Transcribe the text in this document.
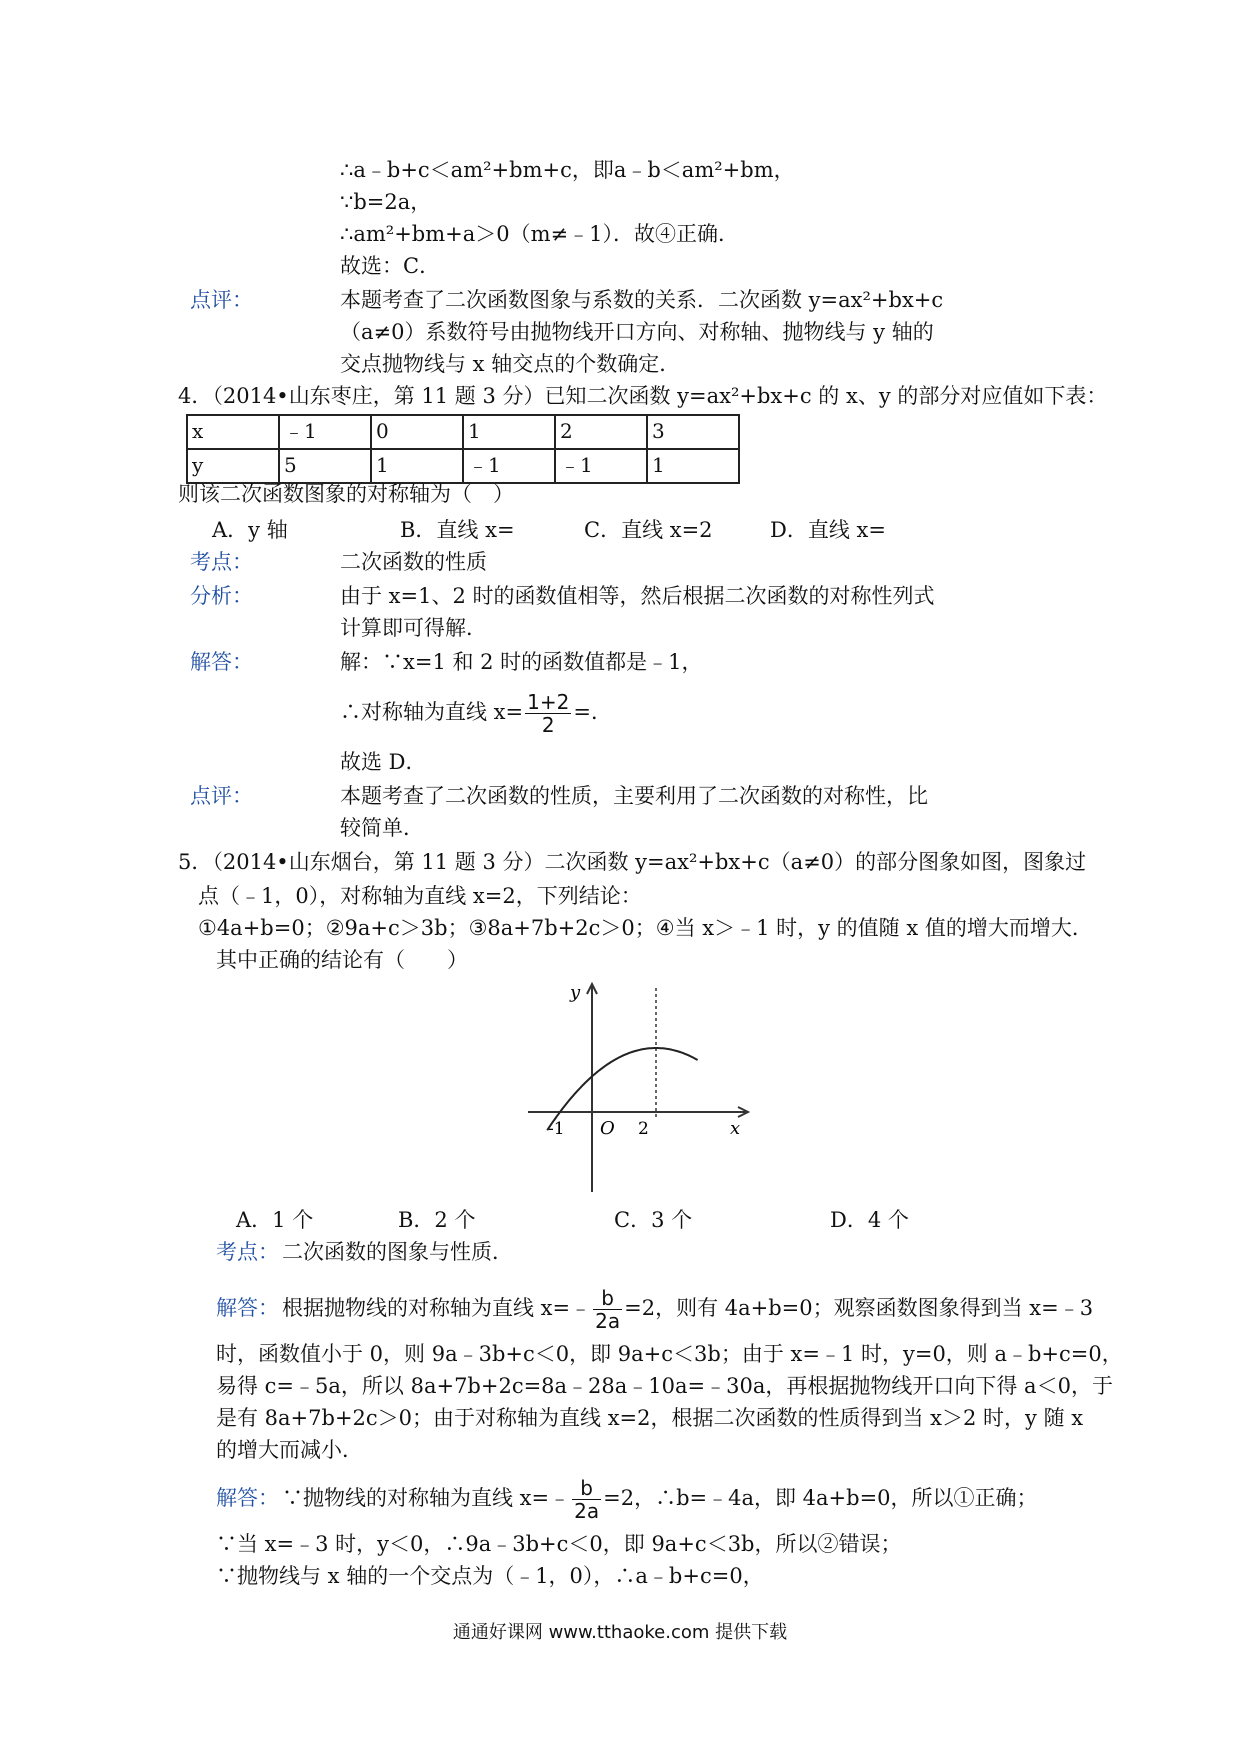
∴a﹣b+c＜am²+bm+c，即a﹣b＜am²+bm，
∵b=2a，
∴am²+bm+a＞0（m≠﹣1）．故④正确．
故选：C．
点评：	本题考查了二次函数图象与系数的关系．二次函数 y=ax²+bx+c
（a≠0）系数符号由抛物线开口方向、对称轴、抛物线与 y 轴的
交点抛物线与 x 轴交点的个数确定．
4．（2014•山东枣庄，第 11 题 3 分）已知二次函数 y=ax²+bx+c 的 x、y 的部分对应值如下表：
x	﹣1	0	1	2	3
y	5	1	﹣1	﹣1	1
则该二次函数图象的对称轴为（　）
A．y 轴	B．直线 x=	C．直线 x=2	D．直线 x=
考点：	二次函数的性质
分析：	由于 x=1、2 时的函数值相等，然后根据二次函数的对称性列式
计算即可得解．
解答：	解：∵x=1 和 2 时的函数值都是﹣1，
∴对称轴为直线 $x= \frac{1+2}{2}$ =．
故选 D．
点评：	本题考查了二次函数的性质，主要利用了二次函数的对称性，比
较简单．
5．（2014•山东烟台，第 11 题 3 分）二次函数 y=ax²+bx+c（a≠0）的部分图象如图，图象过
点（﹣1，0），对称轴为直线 x=2，下列结论：
①4a+b=0；②9a+c＞3b；③8a+7b+2c＞0；④当 x＞﹣1 时，y 的值随 x 值的增大而增大．
其中正确的结论有（　　）
y
x
O
-1	2
A．1 个	B．2 个	C．3 个	D．4 个
考点： 二次函数的图象与性质．
解答： 根据抛物线的对称轴为直线 x=﹣ $\frac{b}{2a} =2$，则有 4a+b=0；观察函数图象得到当 x=﹣3
时，函数值小于 0，则 9a﹣3b+c＜0，即 9a+c＜3b；由于 x=﹣1 时，y=0，则 a﹣b+c=0，
易得 c=﹣5a，所以 8a+7b+2c=8a﹣28a﹣10a=﹣30a，再根据抛物线开口向下得 a＜0，于
是有 8a+7b+2c＞0；由于对称轴为直线 x=2，根据二次函数的性质得到当 x＞2 时，y 随 x
的增大而减小．
解答： ∵抛物线的对称轴为直线 x=﹣ $\frac{b}{2a} =2$，∴b=﹣4a，即 4a+b=0，所以①正确；
∵当 x=﹣3 时，y＜0，∴9a﹣3b+c＜0，即 9a+c＜3b，所以②错误；
∵抛物线与 x 轴的一个交点为（﹣1，0），∴a﹣b+c=0，
通通好课网 www.tthaoke.com 提供下载
